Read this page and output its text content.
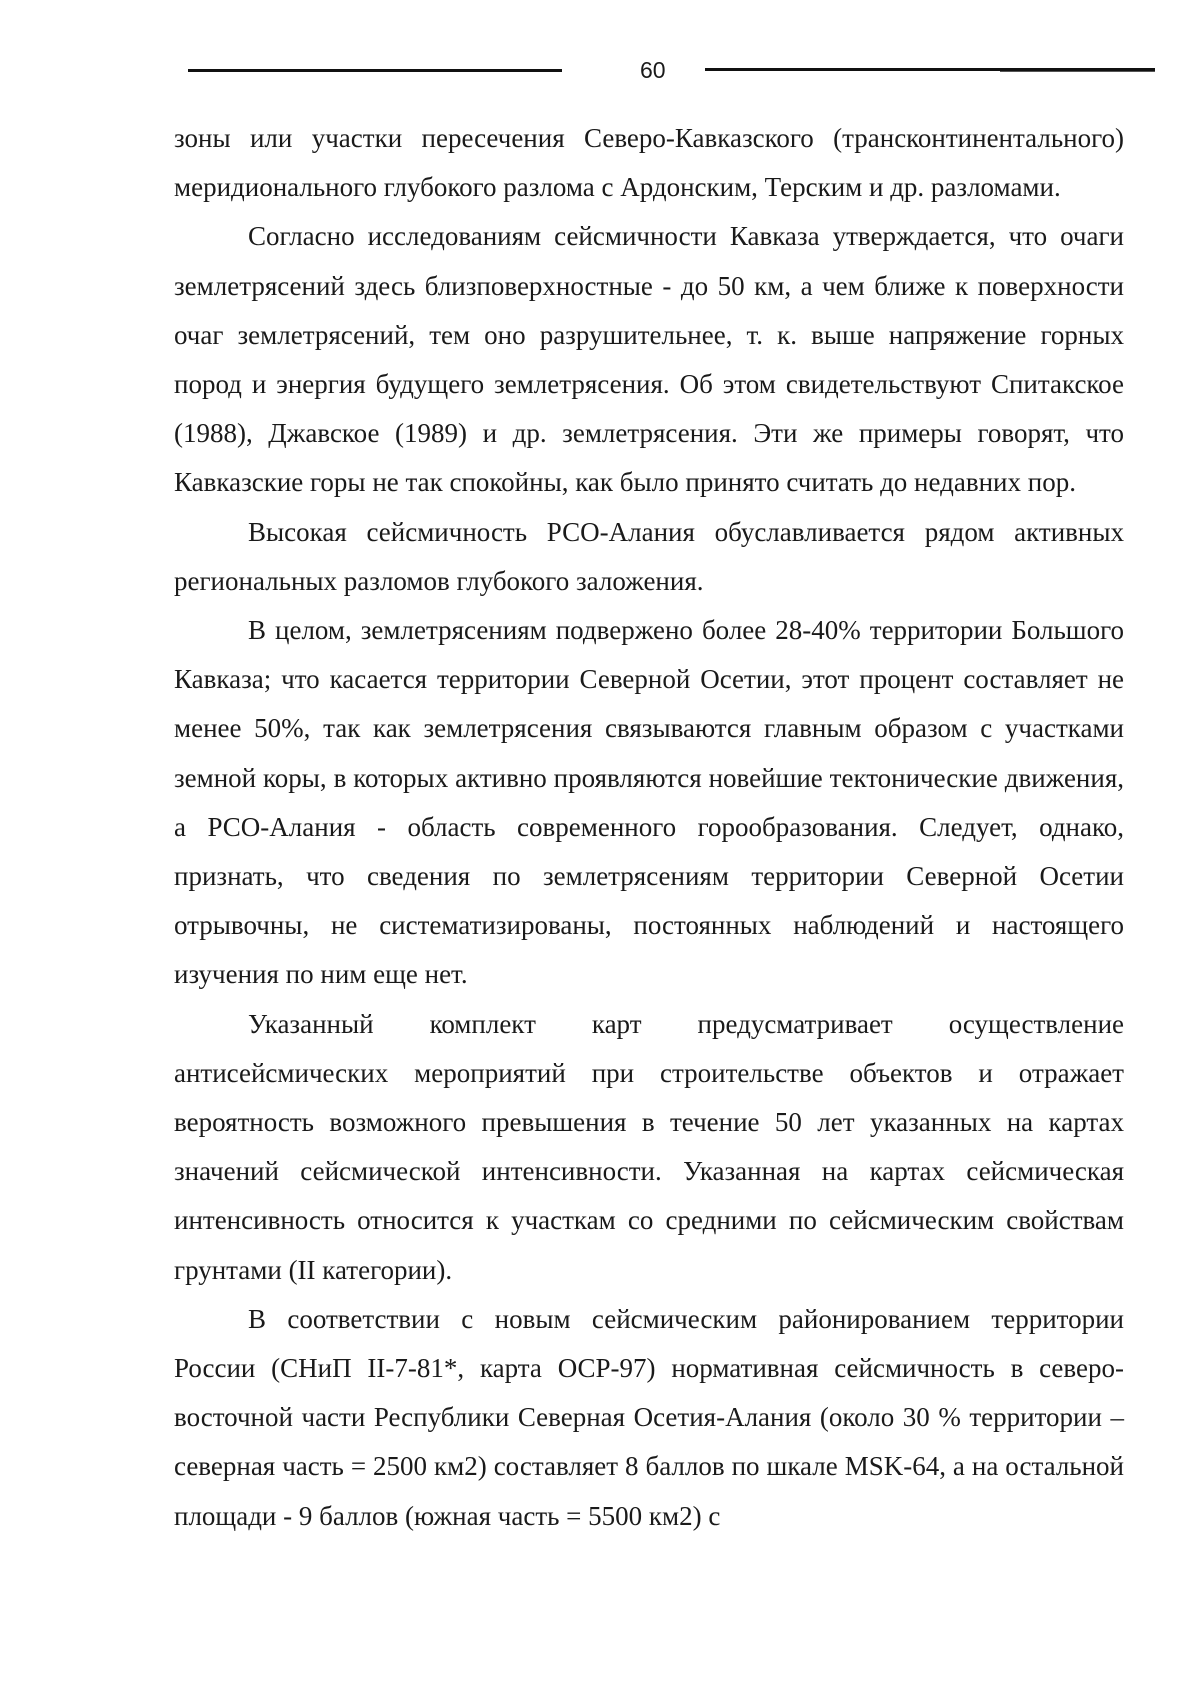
60

зоны или участки пересечения Северо-Кавказского (трансконтинентального) меридионального глубокого разлома с Ардонским, Терским и др. разломами.

Согласно исследованиям сейсмичности Кавказа утверждается, что очаги землетрясений здесь близповерхностные - до 50 км, а чем ближе к поверхности очаг землетрясений, тем оно разрушительнее, т. к. выше напряжение горных пород и энергия будущего землетрясения. Об этом свидетельствуют Спитакское (1988), Джавское (1989) и др. землетрясения. Эти же примеры говорят, что Кавказские горы не так спокойны, как было принято считать до недавних пор.

Высокая сейсмичность РСО-Алания обуславливается рядом активных региональных разломов глубокого заложения.

В целом, землетрясениям подвержено более 28-40% территории Большого Кавказа; что касается территории Северной Осетии, этот процент составляет не менее 50%, так как землетрясения связываются главным образом с участками земной коры, в которых активно проявляются новейшие тектонические движения, а РСО-Алания - область современного горообразования. Следует, однако, признать, что сведения по землетрясениям территории Северной Осетии отрывочны, не систематизированы, постоянных наблюдений и настоящего изучения по ним еще нет.

Указанный комплект карт предусматривает осуществление антисейсмических мероприятий при строительстве объектов и отражает вероятность возможного превышения в течение 50 лет указанных на картах значений сейсмической интенсивности. Указанная на картах сейсмическая интенсивность относится к участкам со средними по сейсмическим свойствам грунтами (II категории).

В соответствии с новым сейсмическим районированием территории России (СНиП II-7-81*, карта ОСР-97) нормативная сейсмичность в северо-восточной части Республики Северная Осетия-Алания (около 30 % территории – северная часть = 2500 км2) составляет 8 баллов по шкале MSK-64, а на остальной площади - 9 баллов (южная часть = 5500 км2) с
